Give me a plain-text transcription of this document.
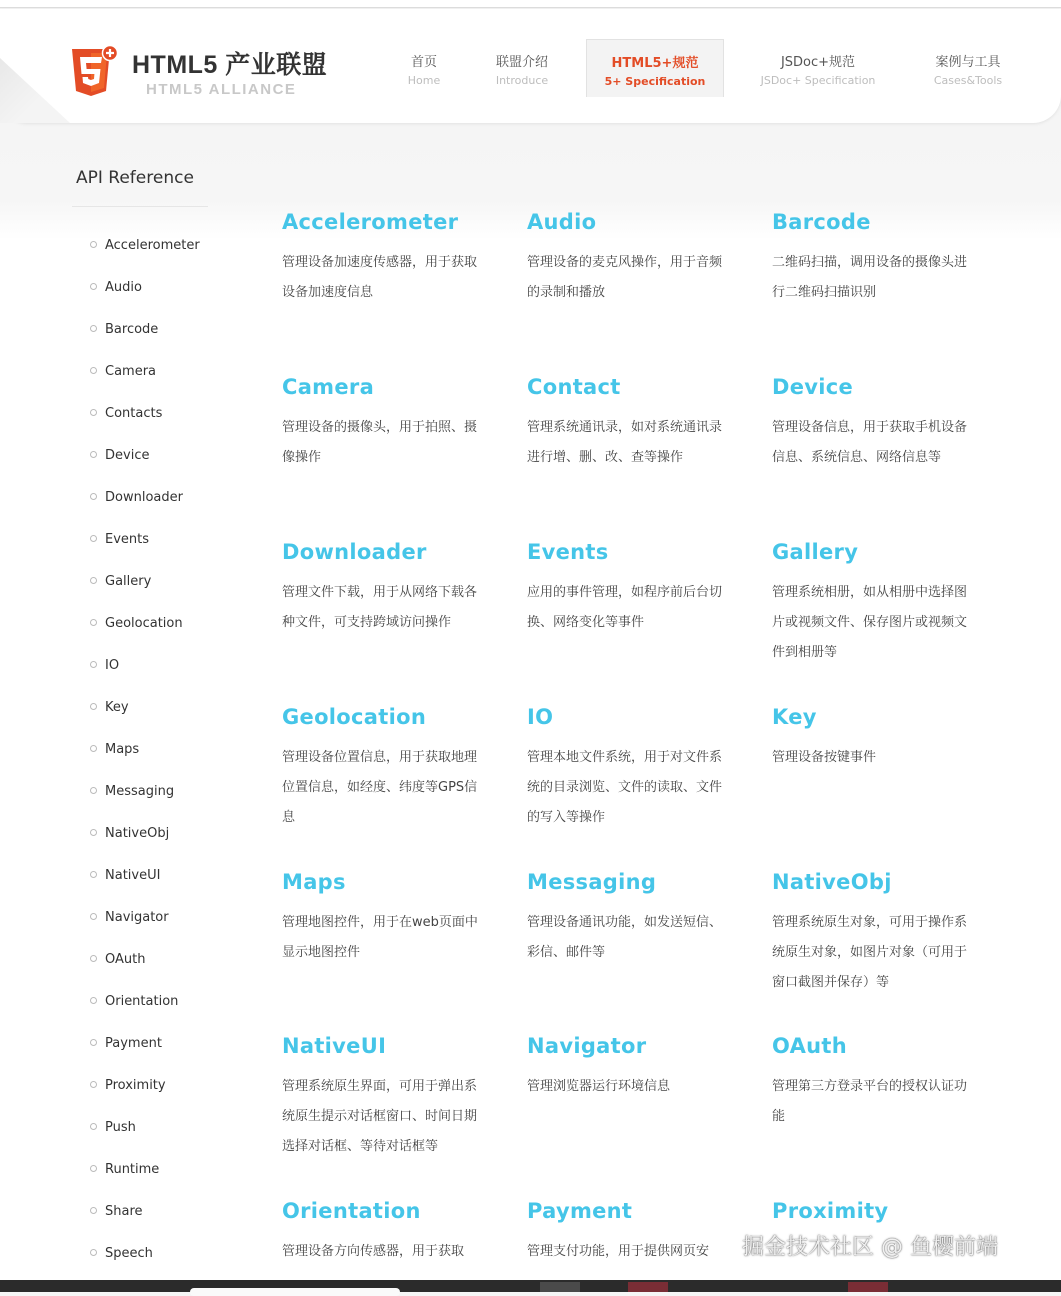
HTML5 产业联盟
HTML5 ALLIANCE
首页
Home
联盟介绍
Introduce
HTML5+规范
5+ Specification
JSDoc+规范
JSDoc+ Specification
案例与工具
Cases&Tools
API Reference
Accelerometer
Audio
Barcode
Camera
Contacts
Device
Downloader
Events
Gallery
Geolocation
IO
Key
Maps
Messaging
NativeObj
NativeUI
Navigator
OAuth
Orientation
Payment
Proximity
Push
Runtime
Share
Speech
Accelerometer
管理设备加速度传感器，用于获取设备加速度信息
Audio
管理设备的麦克风操作，用于音频的录制和播放
Barcode
二维码扫描，调用设备的摄像头进行二维码扫描识别
Camera
管理设备的摄像头，用于拍照、摄像操作
Contact
管理系统通讯录，如对系统通讯录进行增、删、改、查等操作
Device
管理设备信息，用于获取手机设备信息、系统信息、网络信息等
Downloader
管理文件下载，用于从网络下载各种文件，可支持跨域访问操作
Events
应用的事件管理，如程序前后台切换、网络变化等事件
Gallery
管理系统相册，如从相册中选择图片或视频文件、保存图片或视频文件到相册等
Geolocation
管理设备位置信息，用于获取地理位置信息，如经度、纬度等GPS信息
IO
管理本地文件系统，用于对文件系统的目录浏览、文件的读取、文件的写入等操作
Key
管理设备按键事件
Maps
管理地图控件，用于在web页面中显示地图控件
Messaging
管理设备通讯功能，如发送短信、彩信、邮件等
NativeObj
管理系统原生对象，可用于操作系统原生对象，如图片对象（可用于窗口截图并保存）等
NativeUI
管理系统原生界面，可用于弹出系统原生提示对话框窗口、时间日期选择对话框、等待对话框等
Navigator
管理浏览器运行环境信息
OAuth
管理第三方登录平台的授权认证功能
Orientation
管理设备方向传感器，用于获取
Payment
管理支付功能，用于提供网页安
Proximity
掘金技术社区 @ 鱼樱前端
